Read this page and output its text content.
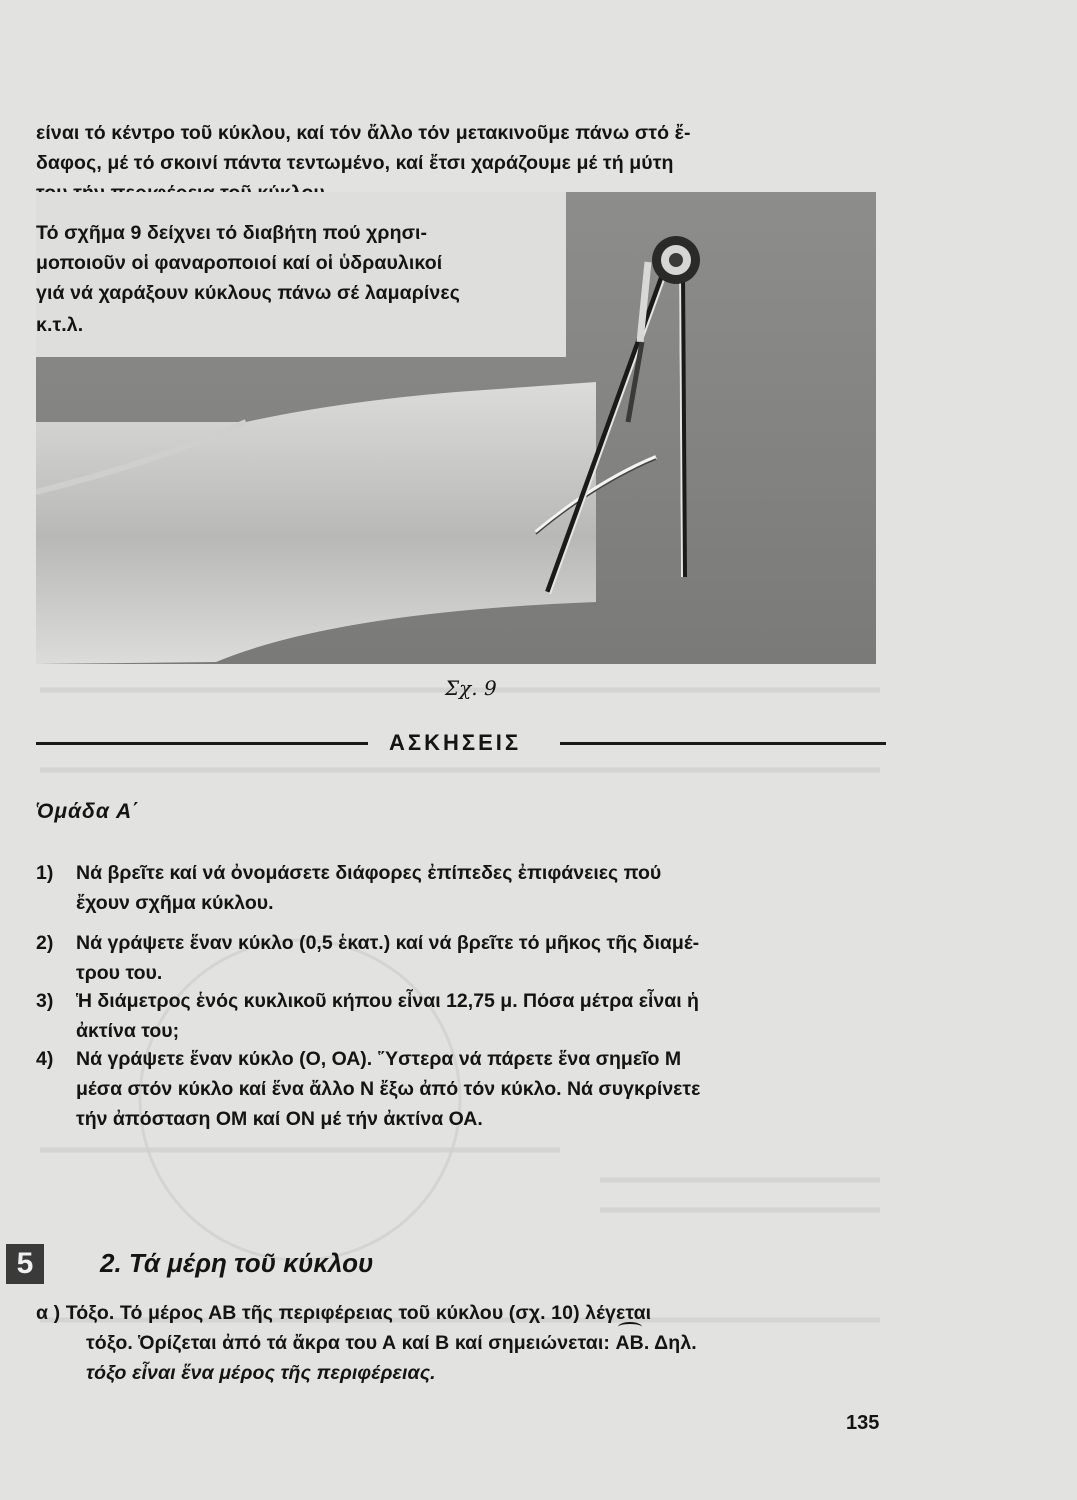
είναι τό κέντρο τοῦ κύκλου, καί τόν ἄλλο τόν μετακινοῦμε πάνω στό ἔ-
δαφος, μέ τό σκοινί πάντα τεντωμένο, καί ἔτσι χαράζουμε μέ τή μύτη
Τό σχῆμα 9 δείχνει τό διαβήτη πού χρησι-
μοποιοῦν οἱ φαναροποιοί καί οἱ ὑδραυλικοί
γιά νά χαράξουν κύκλους πάνω σέ λαμαρίνες
κ.τ.λ.
Σχ. 9
ΑΣΚΗΣΕΙΣ
Ὁμάδα Α΄
1) Νά βρεῖτε καί νά ὀνομάσετε διάφορες ἐπίπεδες ἐπιφάνειες πού
ἔχουν σχῆμα κύκλου.
2) Νά γράψετε ἕναν κύκλο (0,5 ἑκατ.) καί νά βρεῖτε τό μῆκος τῆς διαμέ-
τρου του.
3) Ἡ διάμετρος ἑνός κυκλικοῦ κήπου εἶναι 12,75 μ. Πόσα μέτρα εἶναι ἡ
ἀκτίνα του;
4) Νά γράψετε ἕναν κύκλο (Ο, ΟΑ). Ὕστερα νά πάρετε ἕνα σημεῖο Μ
μέσα στόν κύκλο καί ἕνα ἄλλο Ν ἔξω ἀπό τόν κύκλο. Νά συγκρίνετε
τήν ἀπόσταση ΟΜ καί ΟΝ μέ τήν ἀκτίνα ΟΑ.
5	2. Τά μέρη τοῦ κύκλου
α ) Τόξο. Τό μέρος ΑΒ τῆς περιφέρειας τοῦ κύκλου (σχ. 10) λέγεται
τόξο. Ὁρίζεται ἀπό τά ἄκρα του Α καί Β καί σημειώνεται: ΑΒ. Δηλ.
τόξο εἶναι ἕνα μέρος τῆς περιφέρειας.
135
